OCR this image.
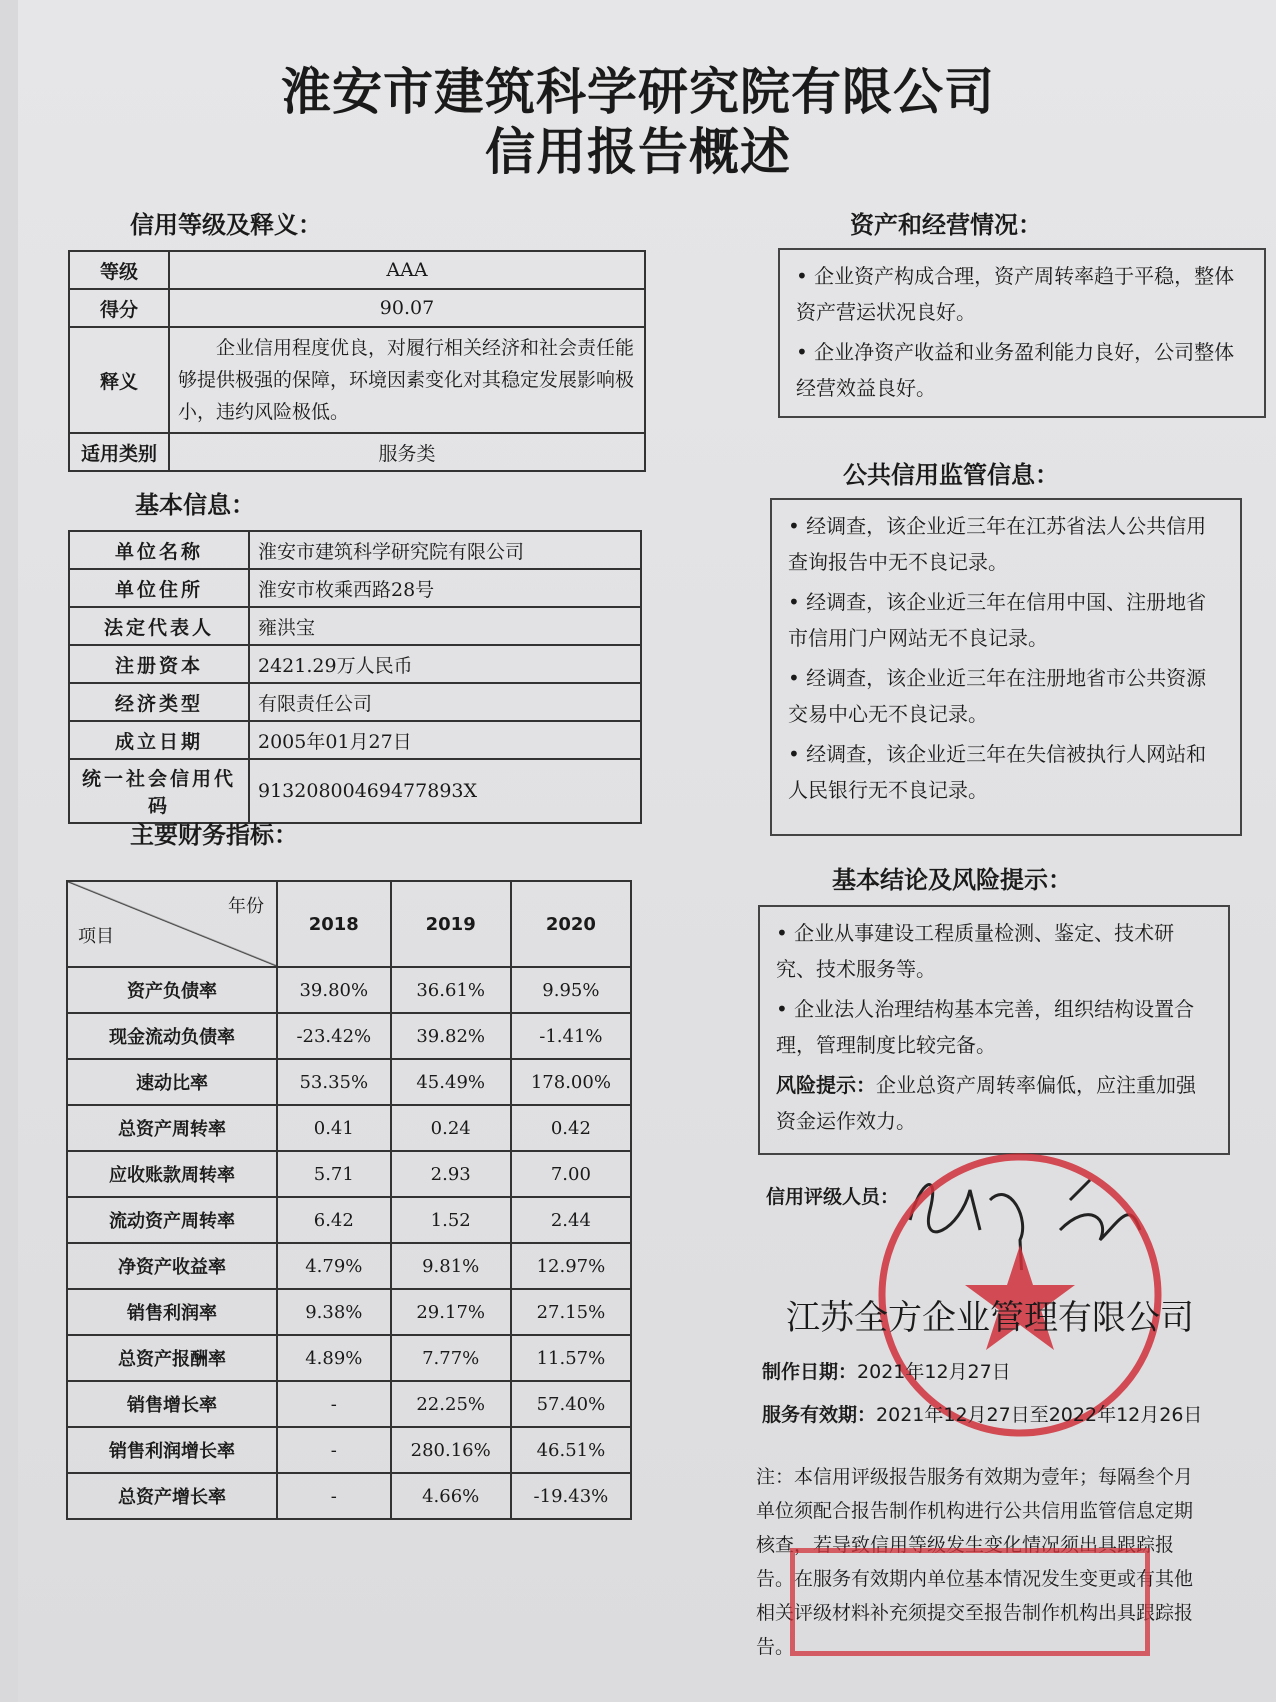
淮安市建筑科学研究院有限公司
信用报告概述
信用等级及释义：
等级	AAA
得分	90.07
释义	企业信用程度优良，对履行相关经济和社会责任能够提供极强的保障，环境因素变化对其稳定发展影响极小，违约风险极低。
适用类别	服务类
基本信息：
单位名称	淮安市建筑科学研究院有限公司
单位住所	淮安市枚乘西路28号
法定代表人	雍洪宝
注册资本	2421.29万人民币
经济类型	有限责任公司
成立日期	2005年01月27日
统一社会信用代码	91320800469477893X
主要财务指标：
年份
项目	2018	2019	2020
资产负债率	39.80%	36.61%	9.95%
现金流动负债率	-23.42%	39.82%	-1.41%
速动比率	53.35%	45.49%	178.00%
总资产周转率	0.41	0.24	0.42
应收账款周转率	5.71	2.93	7.00
流动资产周转率	6.42	1.52	2.44
净资产收益率	4.79%	9.81%	12.97%
销售利润率	9.38%	29.17%	27.15%
总资产报酬率	4.89%	7.77%	11.57%
销售增长率	-	22.25%	57.40%
销售利润增长率	-	280.16%	46.51%
总资产增长率	-	4.66%	-19.43%
资产和经营情况：

• 企业资产构成合理，资产周转率趋于平稳，整体资产营运状况良好。

• 企业净资产收益和业务盈利能力良好，公司整体经营效益良好。

公共信用监管信息：

• 经调查，该企业近三年在江苏省法人公共信用查询报告中无不良记录。

• 经调查，该企业近三年在信用中国、注册地省市信用门户网站无不良记录。

• 经调查，该企业近三年在注册地省市公共资源交易中心无不良记录。

• 经调查，该企业近三年在失信被执行人网站和人民银行无不良记录。

基本结论及风险提示：

• 企业从事建设工程质量检测、鉴定、技术研究、技术服务等。

• 企业法人治理结构基本完善，组织结构设置合理，管理制度比较完备。

风险提示：企业总资产周转率偏低，应注重加强资金运作效力。

信用评级人员：
江苏全方企业管理有限公司
制作日期：2021年12月27日
服务有效期：2021年12月27日至2022年12月26日
注：本信用评级报告服务有效期为壹年；每隔叁个月单位须配合报告制作机构进行公共信用监管信息定期核查，若导致信用等级发生变化情况须出具跟踪报告。在服务有效期内单位基本情况发生变更或有其他相关评级材料补充须提交至报告制作机构出具跟踪报告。
